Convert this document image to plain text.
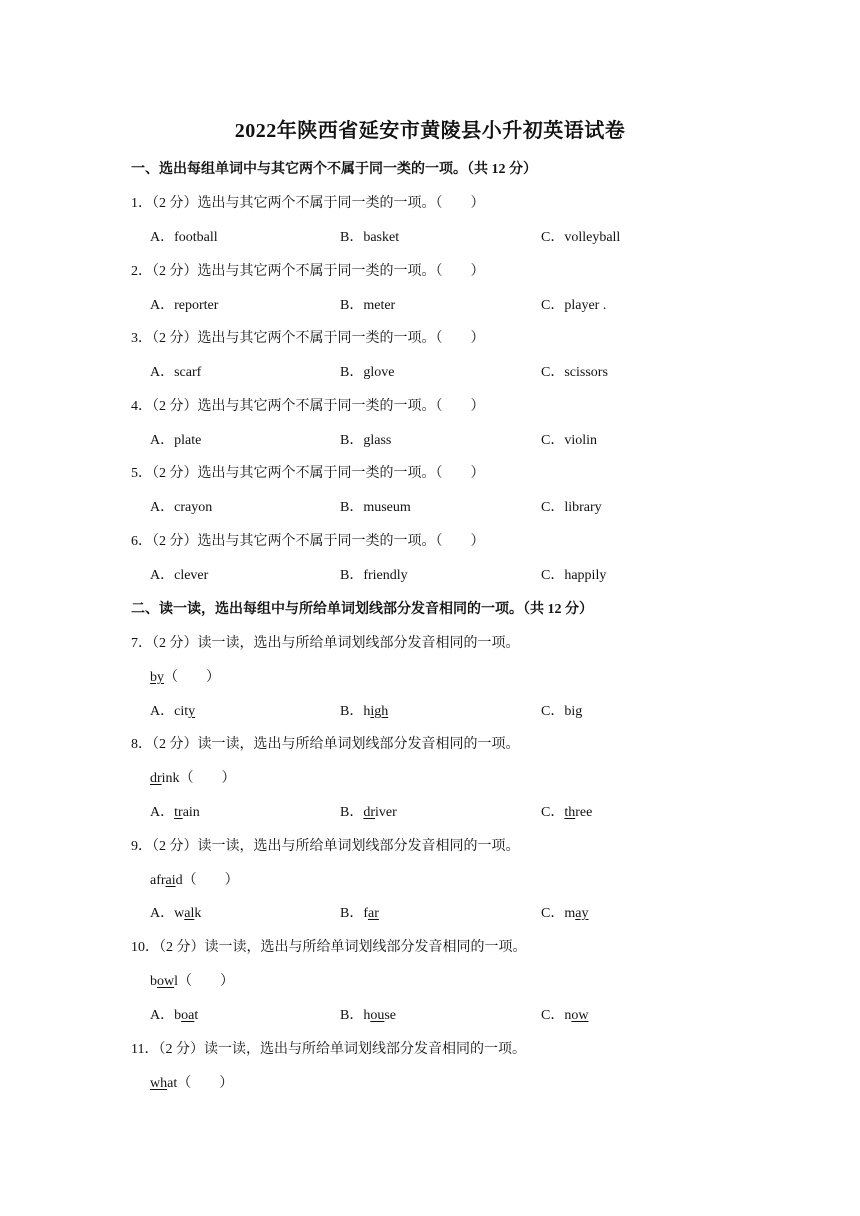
2022年陕西省延安市黄陵县小升初英语试卷
一、选出每组单词中与其它两个不属于同一类的一项。（共 12 分）
1．（2 分）选出与其它两个不属于同一类的一项。（　　）
A．football	B．basket	C．volleyball
2．（2 分）选出与其它两个不属于同一类的一项。（　　）
A．reporter	B．meter	C．player .
3．（2 分）选出与其它两个不属于同一类的一项。（　　）
A．scarf	B．glove	C．scissors
4．（2 分）选出与其它两个不属于同一类的一项。（　　）
A．plate	B．glass	C．violin
5．（2 分）选出与其它两个不属于同一类的一项。（　　）
A．crayon	B．museum	C．library
6．（2 分）选出与其它两个不属于同一类的一项。（　　）
A．clever	B．friendly	C．happily
二、读一读，选出每组中与所给单词划线部分发音相同的一项。（共 12 分）
7．（2 分）读一读，选出与所给单词划线部分发音相同的一项。
by（　　）
A．city	B．high	C．big
8．（2 分）读一读，选出与所给单词划线部分发音相同的一项。
drink（　　）
A．train	B．driver	C．three
9．（2 分）读一读，选出与所给单词划线部分发音相同的一项。
afraid（　　）
A．walk	B．far	C．may
10．（2 分）读一读，选出与所给单词划线部分发音相同的一项。
bowl（　　）
A．boat	B．house	C．now
11．（2 分）读一读，选出与所给单词划线部分发音相同的一项。
what（　　）
